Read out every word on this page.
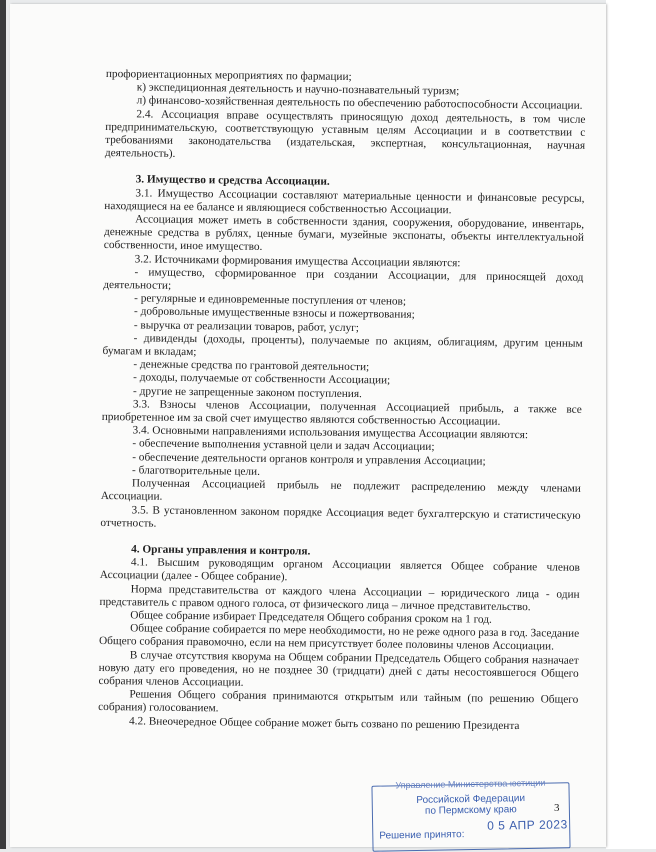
профориентационных мероприятиях по фармации;

к) экспедиционная деятельность и научно-познавательный туризм;

л) финансово-хозяйственная деятельность по обеспечению работоспособности Ассоциации.

2.4. Ассоциация вправе осуществлять приносящую доход деятельность, в том числе предпринимательскую, соответствующую уставным целям Ассоциации и в соответствии с требованиями законодательства (издательская, экспертная, консультационная, научная деятельность).

3. Имущество и средства Ассоциации.

3.1. Имущество Ассоциации составляют материальные ценности и финансовые ресурсы, находящиеся на ее балансе и являющиеся собственностью Ассоциации.

Ассоциация может иметь в собственности здания, сооружения, оборудование, инвентарь, денежные средства в рублях, ценные бумаги, музейные экспонаты, объекты интеллектуальной собственности, иное имущество.

3.2. Источниками формирования имущества Ассоциации являются:

- имущество, сформированное при создании Ассоциации, для приносящей доход деятельности;

- регулярные и единовременные поступления от членов;

- добровольные имущественные взносы и пожертвования;

- выручка от реализации товаров, работ, услуг;

- дивиденды (доходы, проценты), получаемые по акциям, облигациям, другим ценным бумагам и вкладам;

- денежные средства по грантовой деятельности;

- доходы, получаемые от собственности Ассоциации;

- другие не запрещенные законом поступления.

3.3. Взносы членов Ассоциации, полученная Ассоциацией прибыль, а также все приобретенное им за свой счет имущество являются собственностью Ассоциации.

3.4. Основными направлениями использования имущества Ассоциации являются:

- обеспечение выполнения уставной цели и задач Ассоциации;

- обеспечение деятельности органов контроля и управления Ассоциации;

- благотворительные цели.

Полученная Ассоциацией прибыль не подлежит распределению между членами Ассоциации.

3.5. В установленном законом порядке Ассоциация ведет бухгалтерскую и статистическую отчетность.

4. Органы управления и контроля.

4.1. Высшим руководящим органом Ассоциации является Общее собрание членов Ассоциации (далее - Общее собрание).

Норма представительства от каждого члена Ассоциации – юридического лица - один представитель с правом одного голоса, от физического лица – личное представительство.

Общее собрание избирает Председателя Общего собрания сроком на 1 год.

Общее собрание собирается по мере необходимости, но не реже одного раза в год. Заседание Общего собрания правомочно, если на нем присутствует более половины членов Ассоциации.

В случае отсутствия кворума на Общем собрании Председатель Общего собрания назначает новую дату его проведения, но не позднее 30 (тридцати) дней с даты несостоявшегося Общего собрания членов Ассоциации.

Решения Общего собрания принимаются открытым или тайным (по решению Общего собрания) голосованием.

4.2. Внеочередное Общее собрание может быть созвано по решению Президента

3
Управление Министерства юстиции
Российской Федерации
по Пермскому краю
Решение принято:
0 5 АПР 2023
